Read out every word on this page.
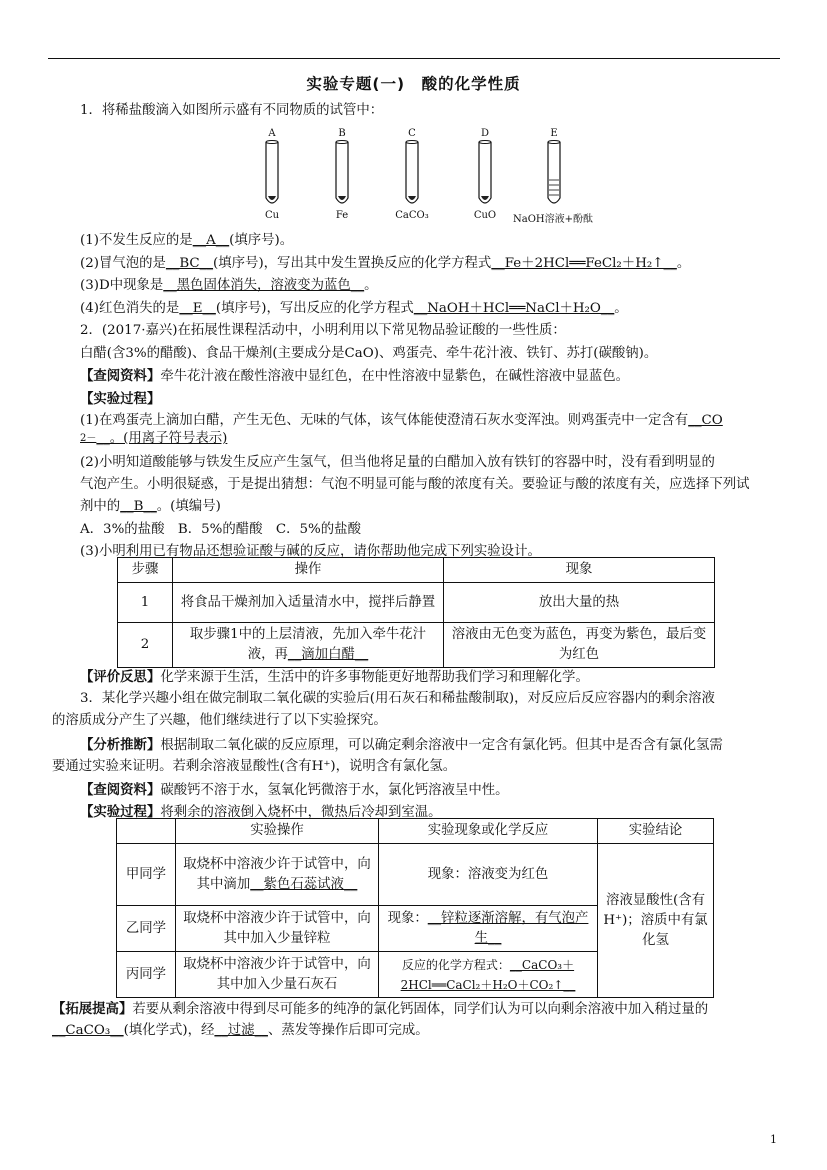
实验专题(一)　酸的化学性质
1．将稀盐酸滴入如图所示盛有不同物质的试管中：
A	B	C	D	E
Cu	Fe	CaCO₃	CuO	NaOH溶液+酚酞
(1)不发生反应的是__A__(填序号)。
(2)冒气泡的是__BC__(填序号)，写出其中发生置换反应的化学方程式__Fe＋2HCl══FeCl₂＋H₂↑__。
(3)D中现象是__黑色固体消失，溶液变为蓝色__。
(4)红色消失的是__E__(填序号)，写出反应的化学方程式__NaOH＋HCl══NaCl＋H₂O__。
2．(2017·嘉兴)在拓展性课程活动中，小明利用以下常见物品验证酸的一些性质：
白醋(含3%的醋酸)、食品干燥剂(主要成分是CaO)、鸡蛋壳、牵牛花汁液、铁钉、苏打(碳酸钠)。
【查阅资料】牵牛花汁液在酸性溶液中显红色，在中性溶液中显紫色，在碱性溶液中显蓝色。
【实验过程】
(1)在鸡蛋壳上滴加白醋，产生无色、无味的气体，该气体能使澄清石灰水变浑浊。则鸡蛋壳中一定含有__CO
$^{2-}$__。(用离子符号表示)
(2)小明知道酸能够与铁发生反应产生氢气，但当他将足量的白醋加入放有铁钉的容器中时，没有看到明显的
气泡产生。小明很疑惑，于是提出猜想：气泡不明显可能与酸的浓度有关。要验证与酸的浓度有关，应选择下列试
剂中的__B__。(填编号)
A．3%的盐酸　B．5%的醋酸　C．5%的盐酸
(3)小明利用已有物品还想验证酸与碱的反应，请你帮助他完成下列实验设计。
步骤	操作	现象
1	将食品干燥剂加入适量清水中，搅拌后静置	放出大量的热
2	取步骤1中的上层清液，先加入牵牛花汁液，再__滴加白醋__	溶液由无色变为蓝色，再变为紫色，最后变为红色
【评价反思】化学来源于生活，生活中的许多事物能更好地帮助我们学习和理解化学。
3．某化学兴趣小组在做完制取二氧化碳的实验后(用石灰石和稀盐酸制取)，对反应后反应容器内的剩余溶液
的溶质成分产生了兴趣，他们继续进行了以下实验探究。
【分析推断】根据制取二氧化碳的反应原理，可以确定剩余溶液中一定含有氯化钙。但其中是否含有氯化氢需
要通过实验来证明。若剩余溶液显酸性(含有H⁺)，说明含有氯化氢。
【查阅资料】碳酸钙不溶于水，氢氧化钙微溶于水，氯化钙溶液呈中性。
【实验过程】将剩余的溶液倒入烧杯中，微热后冷却到室温。
	实验操作	实验现象或化学反应	实验结论
甲同学	取烧杯中溶液少许于试管中，向其中滴加__紫色石蕊试液__	现象：溶液变为红色	溶液显酸性(含有H⁺)；溶质中有氯化氢
乙同学	取烧杯中溶液少许于试管中，向其中加入少量锌粒	现象：__锌粒逐渐溶解，有气泡产生__	
丙同学	取烧杯中溶液少许于试管中，向其中加入少量石灰石	反应的化学方程式：__CaCO₃＋2HCl══CaCl₂＋H₂O＋CO₂↑__	
【拓展提高】若要从剩余溶液中得到尽可能多的纯净的氯化钙固体，同学们认为可以向剩余溶液中加入稍过量的
__CaCO₃__(填化学式)，经__过滤__、蒸发等操作后即可完成。
1
